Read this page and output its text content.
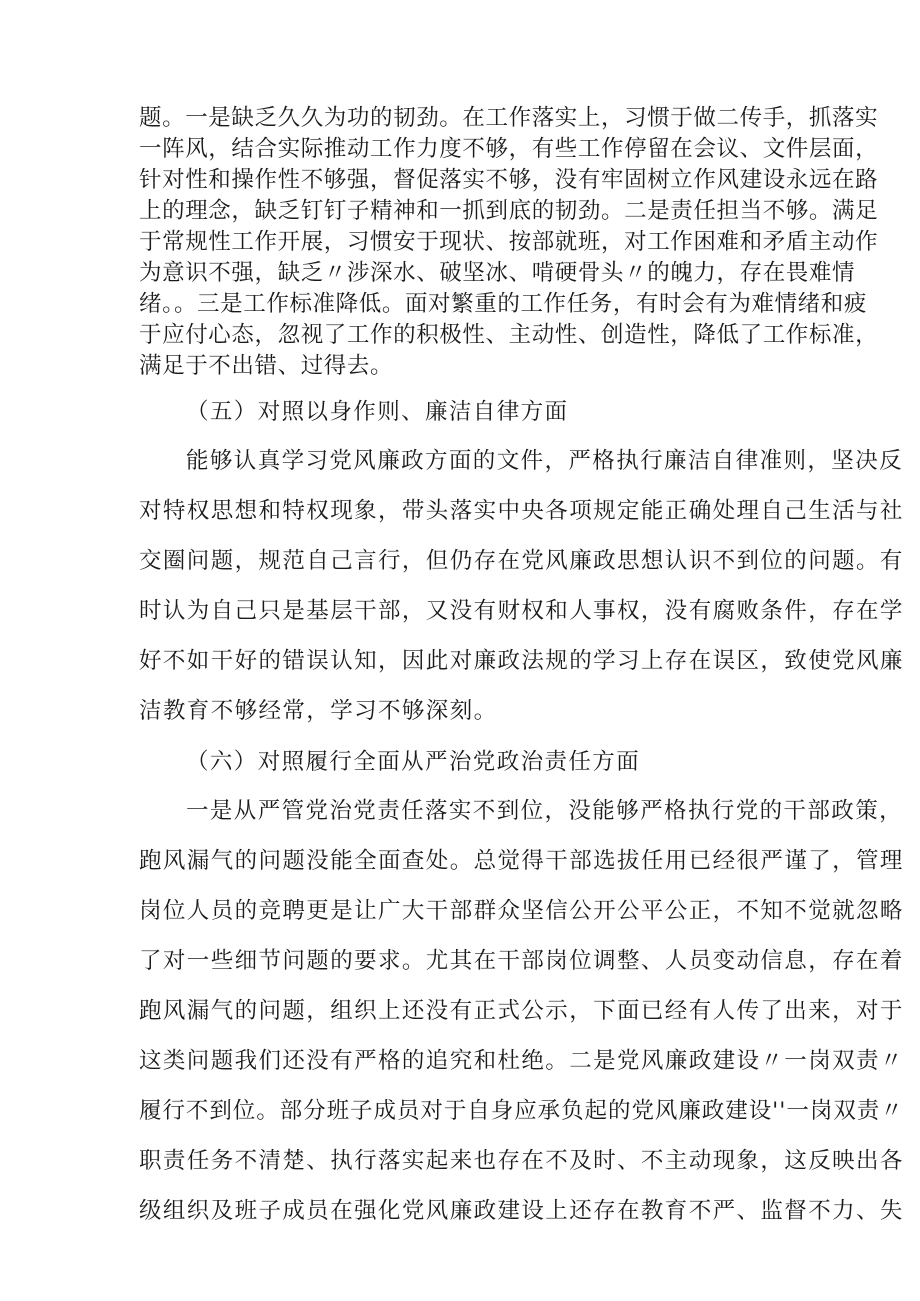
题。一是缺乏久久为功的韧劲。在工作落实上，习惯于做二传手，抓落实
一阵风，结合实际推动工作力度不够，有些工作停留在会议、文件层面，
针对性和操作性不够强，督促落实不够，没有牢固树立作风建设永远在路
上的理念，缺乏钉钉子精神和一抓到底的韧劲。二是责任担当不够。满足
于常规性工作开展，习惯安于现状、按部就班，对工作困难和矛盾主动作
为意识不强，缺乏〃涉深水、破坚冰、啃硬骨头〃的魄力，存在畏难情
绪。。三是工作标准降低。面对繁重的工作任务，有时会有为难情绪和疲
于应付心态，忽视了工作的积极性、主动性、创造性，降低了工作标准，
满足于不出错、过得去。
（五）对照以身作则、廉洁自律方面
能够认真学习党风廉政方面的文件，严格执行廉洁自律准则，坚决反
对特权思想和特权现象，带头落实中央各项规定能正确处理自己生活与社
交圈问题，规范自己言行，但仍存在党风廉政思想认识不到位的问题。有
时认为自己只是基层干部，又没有财权和人事权，没有腐败条件，存在学
好不如干好的错误认知，因此对廉政法规的学习上存在误区，致使党风廉
洁教育不够经常，学习不够深刻。
（六）对照履行全面从严治党政治责任方面
一是从严管党治党责任落实不到位，没能够严格执行党的干部政策，
跑风漏气的问题没能全面查处。总觉得干部选拔任用已经很严谨了，管理
岗位人员的竞聘更是让广大干部群众坚信公开公平公正，不知不觉就忽略
了对一些细节问题的要求。尤其在干部岗位调整、人员变动信息，存在着
跑风漏气的问题，组织上还没有正式公示，下面已经有人传了出来，对于
这类问题我们还没有严格的追究和杜绝。二是党风廉政建设〃一岗双责〃
履行不到位。部分班子成员对于自身应承负起的党风廉政建设''一岗双责〃
职责任务不清楚、执行落实起来也存在不及时、不主动现象，这反映出各
级组织及班子成员在强化党风廉政建设上还存在教育不严、监督不力、失
